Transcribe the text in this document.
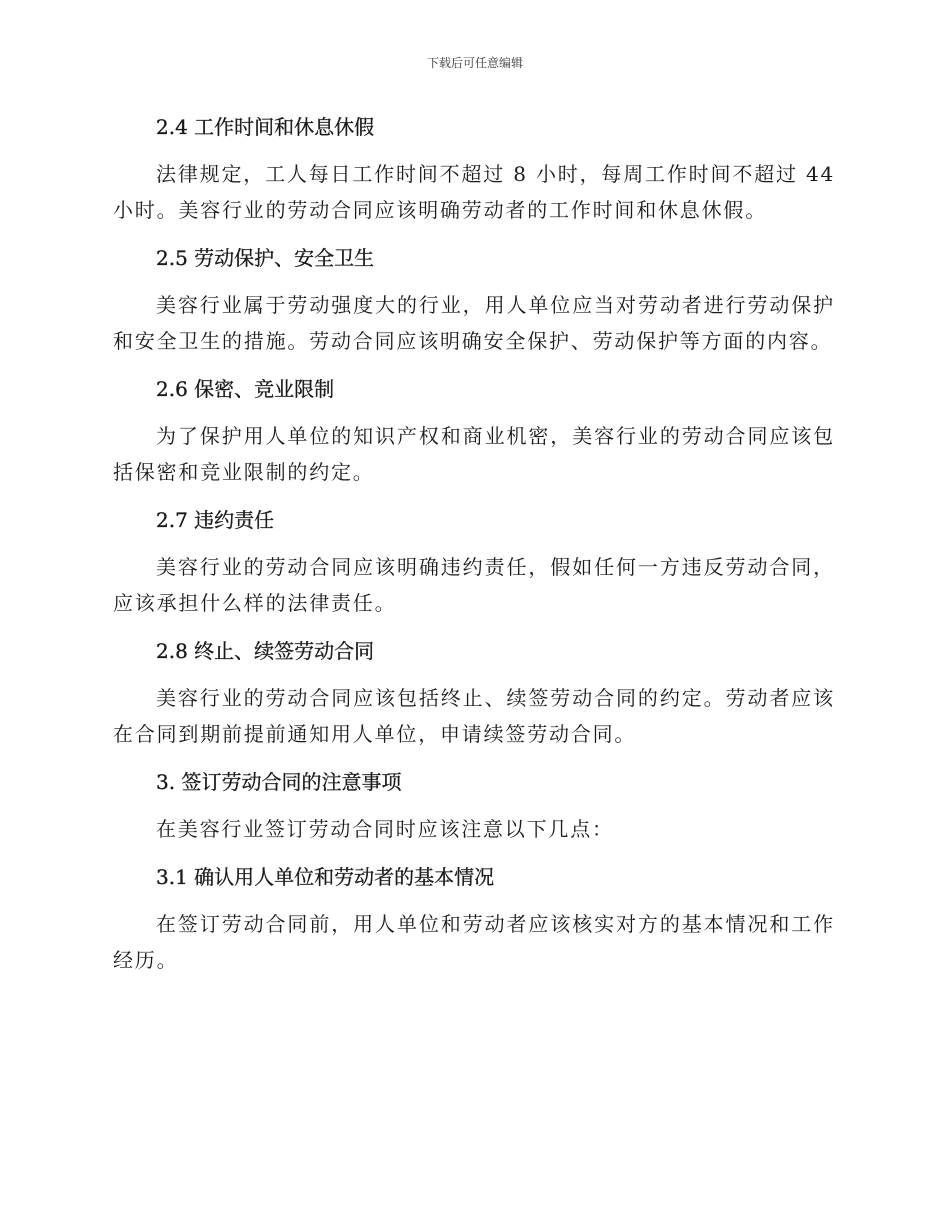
下载后可任意编辑
2.4 工作时间和休息休假

法律规定，工人每日工作时间不超过 8 小时，每周工作时间不超过 44 小时。美容行业的劳动合同应该明确劳动者的工作时间和休息休假。

2.5 劳动保护、安全卫生

美容行业属于劳动强度大的行业，用人单位应当对劳动者进行劳动保护和安全卫生的措施。劳动合同应该明确安全保护、劳动保护等方面的内容。

2.6 保密、竞业限制

为了保护用人单位的知识产权和商业机密，美容行业的劳动合同应该包括保密和竞业限制的约定。

2.7 违约责任

美容行业的劳动合同应该明确违约责任，假如任何一方违反劳动合同，应该承担什么样的法律责任。

2.8 终止、续签劳动合同

美容行业的劳动合同应该包括终止、续签劳动合同的约定。劳动者应该在合同到期前提前通知用人单位，申请续签劳动合同。

3. 签订劳动合同的注意事项

在美容行业签订劳动合同时应该注意以下几点：

3.1 确认用人单位和劳动者的基本情况

在签订劳动合同前，用人单位和劳动者应该核实对方的基本情况和工作经历。
